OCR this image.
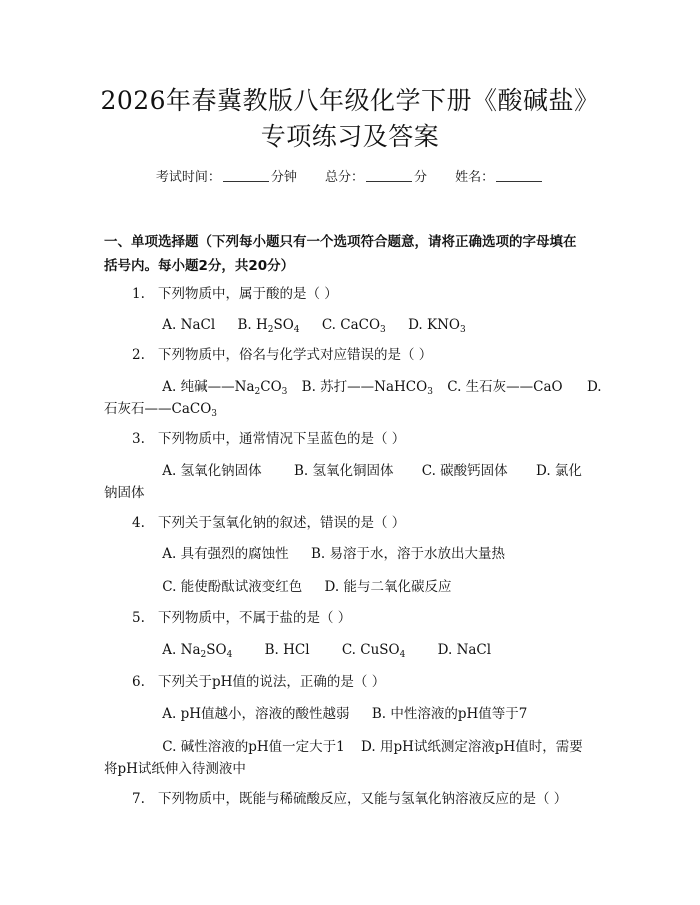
2026年春冀教版八年级化学下册《酸碱盐》
专项练习及答案
考试时间：	分钟 总分：	分 姓名：
一、单项选择题（下列每小题只有一个选项符合题意，请将正确选项的字母填在
括号内。每小题2分，共20分）
1. 下列物质中，属于酸的是（ ）
A. NaCl B. $H_2SO_4$ C. CaCO$_3$ D. $KNO_3$
2. 下列物质中，俗名与化学式对应错误的是（ ）
A. 纯碱$——Na_2CO_3$ B. 苏打——NaHCO$_3$ C. 生石灰——CaO D.
石灰石——CaCO$_3$
3. 下列物质中，通常情况下呈蓝色的是（ ）
A. 氢氧化钠固体 B. 氢氧化铜固体 C. 碳酸钙固体 D. 氯化
钠固体
4. 下列关于氢氧化钠的叙述，错误的是（ ）
A. 具有强烈的腐蚀性 B. 易溶于水，溶于水放出大量热
C. 能使酚酞试液变红色 D. 能与二氧化碳反应
5. 下列物质中，不属于盐的是（ ）
A. $Na_2SO_4$ B. HCl C. CuSO$_4$ D. NaCl
6. 下列关于pH值的说法，正确的是（ ）
A. pH值越小，溶液的酸性越弱 B. 中性溶液的pH值等于7
C. 碱性溶液的pH值一定大于1 D. 用pH试纸测定溶液pH值时，需要
将pH试纸伸入待测液中
7. 下列物质中，既能与稀硫酸反应，又能与氢氧化钠溶液反应的是（ ）
